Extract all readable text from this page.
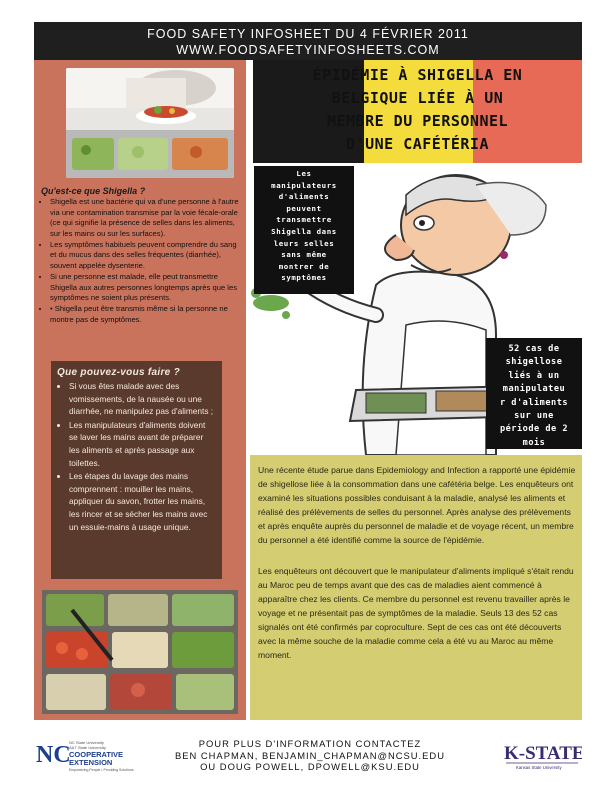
FOOD SAFETY INFOSHEET DU 4 FÉVRIER 2011
WWW.FOODSAFETYINFOSHEETS.COM
Qu'est-ce que Shigella ?
• Shigella est une bactérie qui va d'une personne à l'autre via une contamination transmise par la voie fécale-orale (ce qui signifie la présence de selles dans les aliments, sur les mains ou sur les surfaces).
• Les symptômes habituels peuvent comprendre du sang et du mucus dans des selles fréquentes (diarrhée), souvent appelée dysenterie.
• Si une personne est malade, elle peut transmettre Shigella aux autres personnes longtemps après que les symptômes ne soient plus présents.
• • Shigella peut être transmis même si la personne ne montre pas de symptômes.
Que pouvez-vous faire ?
• Si vous êtes malade avec des vomissements, de la nausée ou une diarrhée, ne manipulez pas d'aliments ;
• Les manipulateurs d'aliments doivent se laver les mains avant de préparer les aliments et après passage aux toilettes.
• Les étapes du lavage des mains comprennent : mouiller les mains, appliquer du savon, frotter les mains, les rincer et se sécher les mains avec un essuie-mains à usage unique.
ÉPIDÉMIE À SHIGELLA EN
BELGIQUE LIÉE À UN
MEMBRE DU PERSONNEL
D'UNE CAFÉTÉRIA
Les
manipulateurs
d'aliments
peuvent
transmettre
Shigella dans
leurs selles
sans même
montrer de
symptômes
52 cas de
shigellose
liés à un
manipulateu
r d'aliments
sur une
période de 2
mois

Une récente étude parue dans Epidemiology and Infection a rapporté une épidémie de shigellose liée à la consommation dans une cafétéria belge. Les enquêteurs ont examiné les situations possibles conduisant à la maladie, analysé les aliments et réalisé des prélèvements de selles du personnel. Après analyse des prélèvements et après enquête auprès du personnel de maladie et de voyage récent, un membre du personnel a été identifié comme la source de l'épidémie.

Les enquêteurs ont découvert que le manipulateur d'aliments impliqué s'était rendu au Maroc peu de temps avant que des cas de maladies aient commencé à apparaître chez les clients. Ce membre du personnel est revenu travailler après le voyage et ne présentait pas de symptômes de la maladie. Seuls 13 des 52 cas signalés ont été confirmés par coproculture. Sept de ces cas ont été découverts avec la même souche de la maladie comme cela a été vu au Maroc au même moment.

NC
NC State University
A&T State University
COOPERATIVE
EXTENSION
Empowering People • Providing Solutions
POUR PLUS D'INFORMATION CONTACTEZ
BEN CHAPMAN, BENJAMIN_CHAPMAN@NCSU.EDU
OU DOUG POWELL, DPOWELL@KSU.EDU
K-STATE
Kansas State University
